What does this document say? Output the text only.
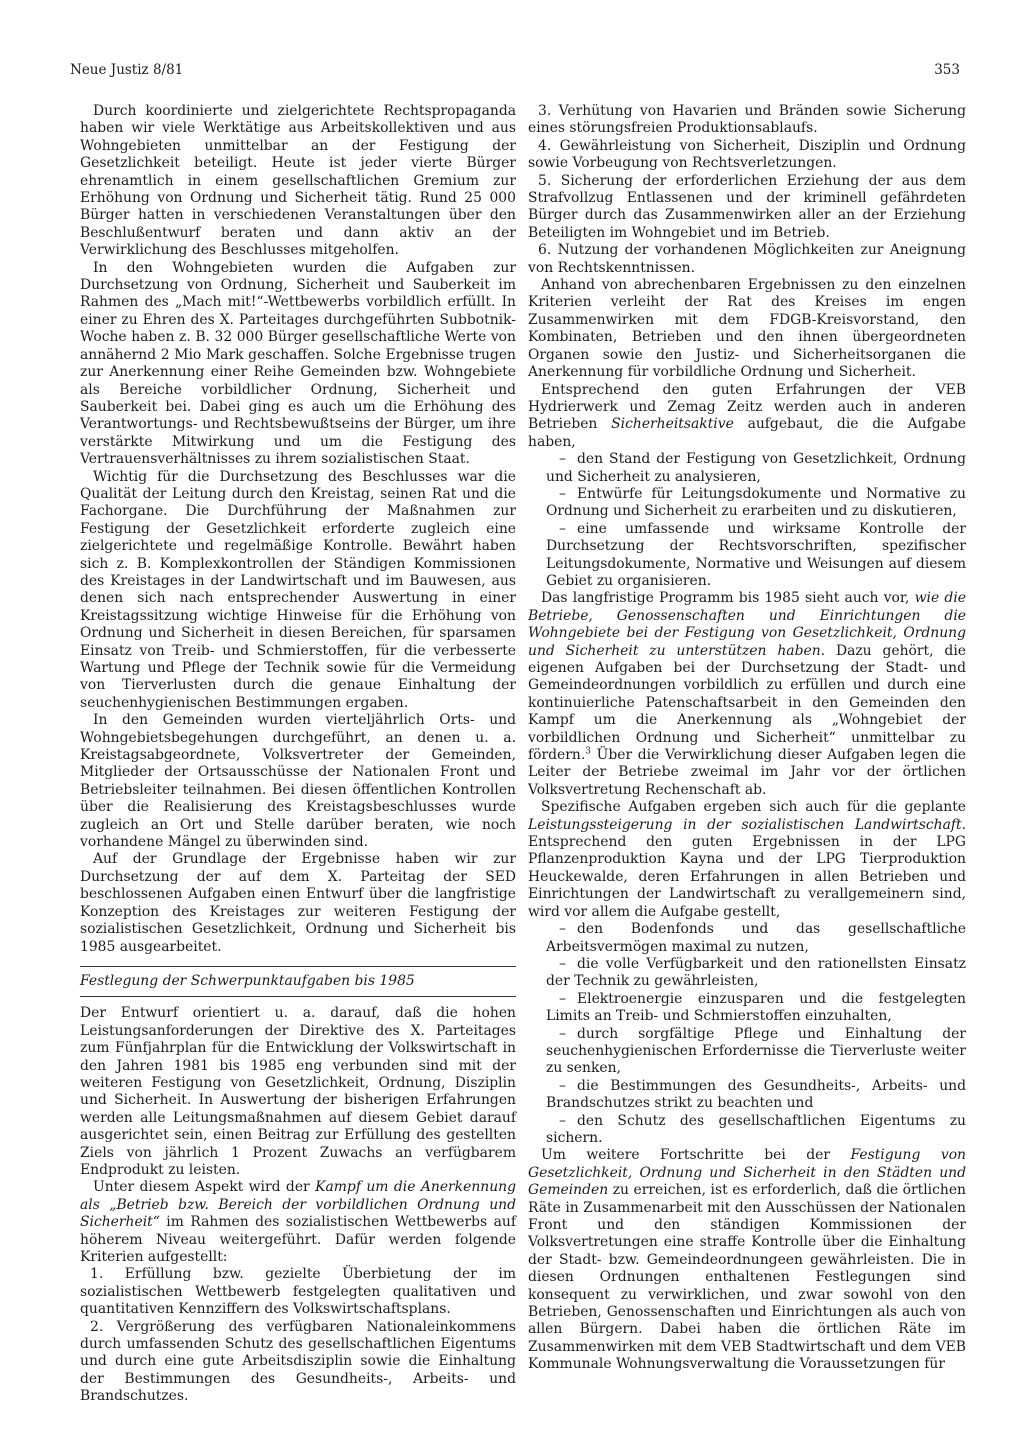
Neue Justiz 8/81	353

Durch koordinierte und zielgerichtete Rechtspropaganda haben wir viele Werktätige aus Arbeitskollektiven und aus Wohngebieten unmittelbar an der Festigung der Gesetzlichkeit beteiligt. Heute ist jeder vierte Bürger ehrenamtlich in einem gesellschaftlichen Gremium zur Erhöhung von Ordnung und Sicherheit tätig. Rund 25 000 Bürger hatten in verschiedenen Veranstaltungen über den Beschlußentwurf beraten und dann aktiv an der Verwirklichung des Beschlusses mitgeholfen.

In den Wohngebieten wurden die Aufgaben zur Durchsetzung von Ordnung, Sicherheit und Sauberkeit im Rahmen des „Mach mit!“-Wettbewerbs vorbildlich erfüllt. In einer zu Ehren des X. Parteitages durchgeführten Subbotnik-Woche haben z. B. 32 000 Bürger gesellschaftliche Werte von annähernd 2 Mio Mark geschaffen. Solche Ergebnisse trugen zur Anerkennung einer Reihe Gemeinden bzw. Wohngebiete als Bereiche vorbildlicher Ordnung, Sicherheit und Sauberkeit bei. Dabei ging es auch um die Erhöhung des Verantwortungs- und Rechtsbewußtseins der Bürger, um ihre verstärkte Mitwirkung und um die Festigung des Vertrauensverhältnisses zu ihrem sozialistischen Staat.

Wichtig für die Durchsetzung des Beschlusses war die Qualität der Leitung durch den Kreistag, seinen Rat und die Fachorgane. Die Durchführung der Maßnahmen zur Festigung der Gesetzlichkeit erforderte zugleich eine zielgerichtete und regelmäßige Kontrolle. Bewährt haben sich z. B. Komplexkontrollen der Ständigen Kommissionen des Kreistages in der Landwirtschaft und im Bauwesen, aus denen sich nach entsprechender Auswertung in einer Kreistagssitzung wichtige Hinweise für die Erhöhung von Ordnung und Sicherheit in diesen Bereichen, für sparsamen Einsatz von Treib- und Schmierstoffen, für die verbesserte Wartung und Pflege der Technik sowie für die Vermeidung von Tierverlusten durch die genaue Einhaltung der seuchenhygienischen Bestimmungen ergaben.

In den Gemeinden wurden vierteljährlich Orts- und Wohngebietsbegehungen durchgeführt, an denen u. a. Kreistagsabgeordnete, Volksvertreter der Gemeinden, Mitglieder der Ortsausschüsse der Nationalen Front und Betriebsleiter teilnahmen. Bei diesen öffentlichen Kontrollen über die Realisierung des Kreistagsbeschlusses wurde zugleich an Ort und Stelle darüber beraten, wie noch vorhandene Mängel zu überwinden sind.

Auf der Grundlage der Ergebnisse haben wir zur Durchsetzung der auf dem X. Parteitag der SED beschlossenen Aufgaben einen Entwurf über die langfristige Konzeption des Kreistages zur weiteren Festigung der sozialistischen Gesetzlichkeit, Ordnung und Sicherheit bis 1985 ausgearbeitet.

Festlegung der Schwerpunktaufgaben bis 1985

Der Entwurf orientiert u. a. darauf, daß die hohen Leistungsanforderungen der Direktive des X. Parteitages zum Fünfjahrplan für die Entwicklung der Volkswirtschaft in den Jahren 1981 bis 1985 eng verbunden sind mit der weiteren Festigung von Gesetzlichkeit, Ordnung, Disziplin und Sicherheit. In Auswertung der bisherigen Erfahrungen werden alle Leitungsmaßnahmen auf diesem Gebiet darauf ausgerichtet sein, einen Beitrag zur Erfüllung des gestellten Ziels von jährlich 1 Prozent Zuwachs an verfügbarem Endprodukt zu leisten.

Unter diesem Aspekt wird der Kampf um die Anerkennung als „Betrieb bzw. Bereich der vorbildlichen Ordnung und Sicherheit“ im Rahmen des sozialistischen Wettbewerbs auf höherem Niveau weitergeführt. Dafür werden folgende Kriterien aufgestellt:

1. Erfüllung bzw. gezielte Überbietung der im sozialistischen Wettbewerb festgelegten qualitativen und quantitativen Kennziffern des Volkswirtschaftsplans.

2. Vergrößerung des verfügbaren Nationaleinkommens durch umfassenden Schutz des gesellschaftlichen Eigentums und durch eine gute Arbeitsdisziplin sowie die Einhaltung der Bestimmungen des Gesundheits-, Arbeits- und Brandschutzes.

3. Verhütung von Havarien und Bränden sowie Sicherung eines störungsfreien Produktionsablaufs.

4. Gewährleistung von Sicherheit, Disziplin und Ordnung sowie Vorbeugung von Rechtsverletzungen.

5. Sicherung der erforderlichen Erziehung der aus dem Strafvollzug Entlassenen und der kriminell gefährdeten Bürger durch das Zusammenwirken aller an der Erziehung Beteiligten im Wohngebiet und im Betrieb.

6. Nutzung der vorhandenen Möglichkeiten zur Aneignung von Rechtskenntnissen.

Anhand von abrechenbaren Ergebnissen zu den einzelnen Kriterien verleiht der Rat des Kreises im engen Zusammenwirken mit dem FDGB-Kreisvorstand, den Kombinaten, Betrieben und den ihnen übergeordneten Organen sowie den Justiz- und Sicherheitsorganen die Anerkennung für vorbildliche Ordnung und Sicherheit.

Entsprechend den guten Erfahrungen der VEB Hydrierwerk und Zemag Zeitz werden auch in anderen Betrieben Sicherheitsaktive aufgebaut, die die Aufgabe haben,

– den Stand der Festigung von Gesetzlichkeit, Ordnung und Sicherheit zu analysieren,

– Entwürfe für Leitungsdokumente und Normative zu Ordnung und Sicherheit zu erarbeiten und zu diskutieren,

– eine umfassende und wirksame Kontrolle der Durchsetzung der Rechtsvorschriften, spezifischer Leitungsdokumente, Normative und Weisungen auf diesem Gebiet zu organisieren.

Das langfristige Programm bis 1985 sieht auch vor, wie die Betriebe, Genossenschaften und Einrichtungen die Wohngebiete bei der Festigung von Gesetzlichkeit, Ordnung und Sicherheit zu unterstützen haben. Dazu gehört, die eigenen Aufgaben bei der Durchsetzung der Stadt- und Gemeindeordnungen vorbildlich zu erfüllen und durch eine kontinuierliche Patenschaftsarbeit in den Gemeinden den Kampf um die Anerkennung als „Wohngebiet der vorbildlichen Ordnung und Sicherheit“ unmittelbar zu fördern.$^3$ Über die Verwirklichung dieser Aufgaben legen die Leiter der Betriebe zweimal im Jahr vor der örtlichen Volksvertretung Rechenschaft ab.

Spezifische Aufgaben ergeben sich auch für die geplante Leistungssteigerung in der sozialistischen Landwirtschaft. Entsprechend den guten Ergebnissen in der LPG Pflanzenproduktion Kayna und der LPG Tierproduktion Heuckewalde, deren Erfahrungen in allen Betrieben und Einrichtungen der Landwirtschaft zu verallgemeinern sind, wird vor allem die Aufgabe gestellt,

– den Bodenfonds und das gesellschaftliche Arbeitsvermögen maximal zu nutzen,

– die volle Verfügbarkeit und den rationellsten Einsatz der Technik zu gewährleisten,

– Elektroenergie einzusparen und die festgelegten Limits an Treib- und Schmierstoffen einzuhalten,

– durch sorgfältige Pflege und Einhaltung der seuchenhygienischen Erfordernisse die Tierverluste weiter zu senken,

– die Bestimmungen des Gesundheits-, Arbeits- und Brandschutzes strikt zu beachten und

– den Schutz des gesellschaftlichen Eigentums zu sichern.

Um weitere Fortschritte bei der Festigung von Gesetzlichkeit, Ordnung und Sicherheit in den Städten und Gemeinden zu erreichen, ist es erforderlich, daß die örtlichen Räte in Zusammenarbeit mit den Ausschüssen der Nationalen Front und den ständigen Kommissionen der Volksvertretungen eine straffe Kontrolle über die Einhaltung der Stadt- bzw. Gemeindeordnungeen gewährleisten. Die in diesen Ordnungen enthaltenen Festlegungen sind konsequent zu verwirklichen, und zwar sowohl von den Betrieben, Genossenschaften und Einrichtungen als auch von allen Bürgern. Dabei haben die örtlichen Räte im Zusammenwirken mit dem VEB Stadtwirtschaft und dem VEB Kommunale Wohnungsverwaltung die Voraussetzungen für
